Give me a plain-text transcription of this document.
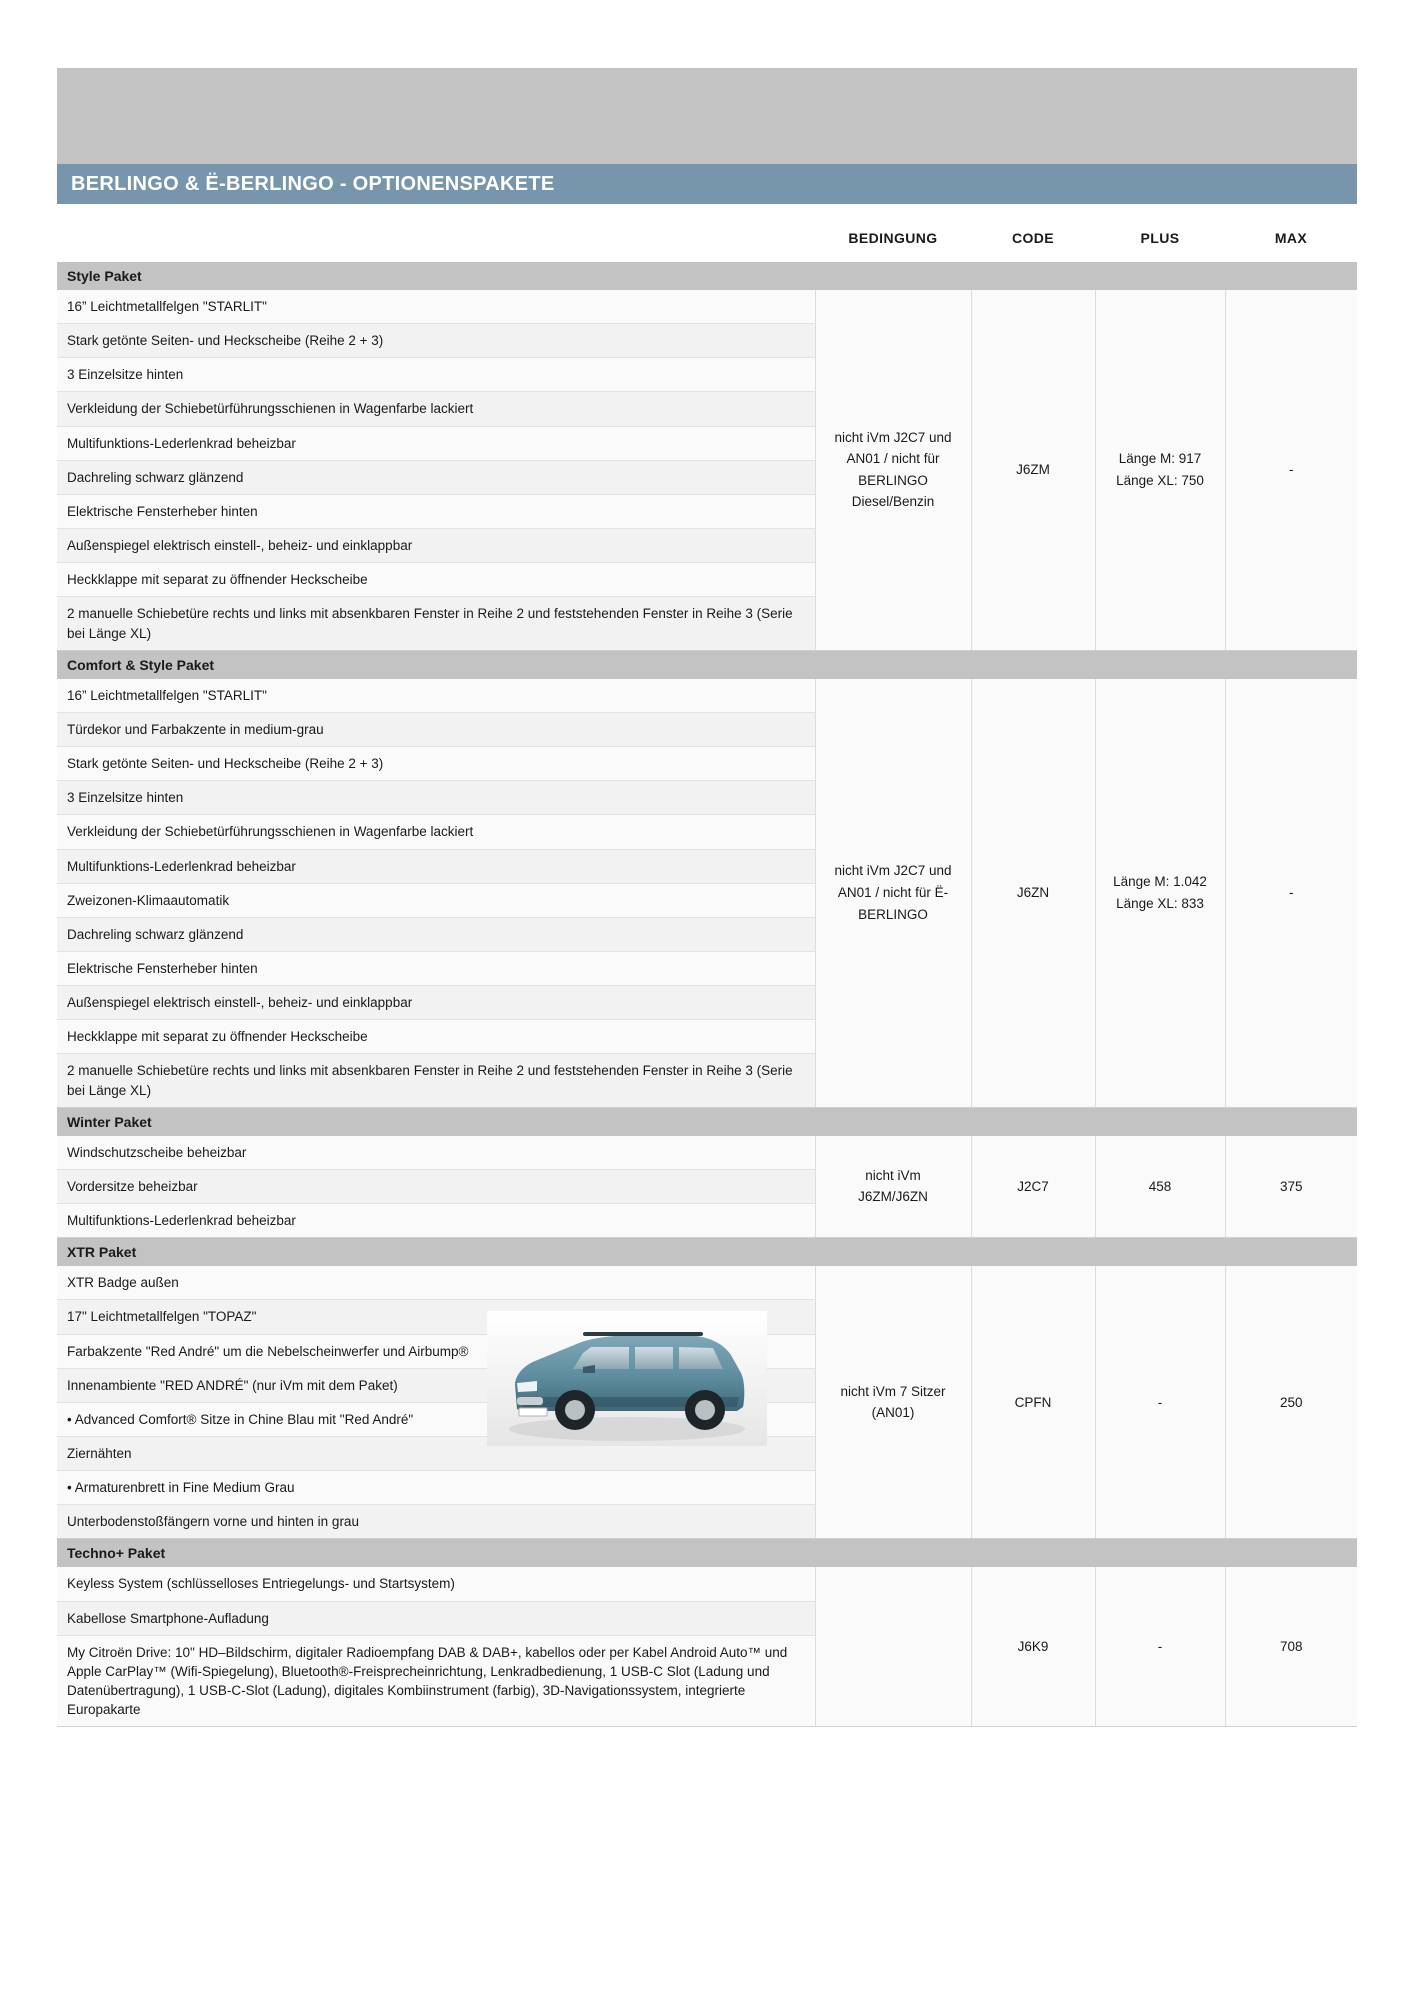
BERLINGO & Ë-BERLINGO - OPTIONENSPAKETE
	BEDINGUNG	CODE	PLUS	MAX
Style Paket				
16” Leichtmetallfelgen "STARLIT"	nicht iVm J2C7 und
AN01 / nicht für
BERLINGO
Diesel/Benzin	J6ZM	Länge M: 917
Länge XL: 750	-

Stark getönte Seiten- und Heckscheibe (Reihe 2 + 3)				
3 Einzelsitze hinten				
Verkleidung der Schiebetürführungsschienen in Wagenfarbe lackiert				
Multifunktions-Lederlenkrad beheizbar				
Dachreling schwarz glänzend				
Elektrische Fensterheber hinten				
Außenspiegel elektrisch einstell-, beheiz- und einklappbar				
Heckklappe mit separat zu öffnender Heckscheibe				
2 manuelle Schiebetüre rechts und links mit absenkbaren Fenster in Reihe 2 und feststehenden Fenster in Reihe 3 (Serie bei Länge XL)				
Comfort & Style Paket				
16” Leichtmetallfelgen "STARLIT"	nicht iVm J2C7 und
AN01 / nicht für Ë-
BERLINGO	J6ZN	Länge M: 1.042
Länge XL: 833	-

Türdekor und Farbakzente in medium-grau				
Stark getönte Seiten- und Heckscheibe (Reihe 2 + 3)				
3 Einzelsitze hinten				
Verkleidung der Schiebetürführungsschienen in Wagenfarbe lackiert				
Multifunktions-Lederlenkrad beheizbar				
Zweizonen-Klimaautomatik				
Dachreling schwarz glänzend				
Elektrische Fensterheber hinten				
Außenspiegel elektrisch einstell-, beheiz- und einklappbar				
Heckklappe mit separat zu öffnender Heckscheibe				
2 manuelle Schiebetüre rechts und links mit absenkbaren Fenster in Reihe 2 und feststehenden Fenster in Reihe 3 (Serie bei Länge XL)				
Winter Paket				
Windschutzscheibe beheizbar	nicht iVm
J6ZM/J6ZN	J2C7	458	375

Vordersitze beheizbar				
Multifunktions-Lederlenkrad beheizbar				
XTR Paket				
XTR Badge außen	nicht iVm 7 Sitzer
(AN01)	CPFN	-	250

17" Leichtmetallfelgen "TOPAZ"				
Farbakzente "Red André" um die Nebelscheinwerfer und Airbump®				
Innenambiente "RED ANDRÉ" (nur iVm mit dem Paket)				
• Advanced Comfort® Sitze in Chine Blau mit "Red André"				
Ziernähten				
• Armaturenbrett in Fine Medium Grau				
Unterbodenstoßfängern vorne und hinten in grau				
Techno+ Paket				
Keyless System (schlüsselloses Entriegelungs- und Startsystem)		J6K9	-	708

Kabellose Smartphone-Aufladung				
My Citroën Drive: 10" HD–Bildschirm, digitaler Radioempfang DAB & DAB+, kabellos oder per Kabel Android Auto™ und Apple CarPlay™ (Wifi-Spiegelung), Bluetooth®-Freisprecheinrichtung, Lenkradbedienung, 1 USB-C Slot (Ladung und Datenübertragung), 1 USB-C-Slot (Ladung), digitales Kombiinstrument (farbig), 3D-Navigationssystem, integrierte Europakarte				
